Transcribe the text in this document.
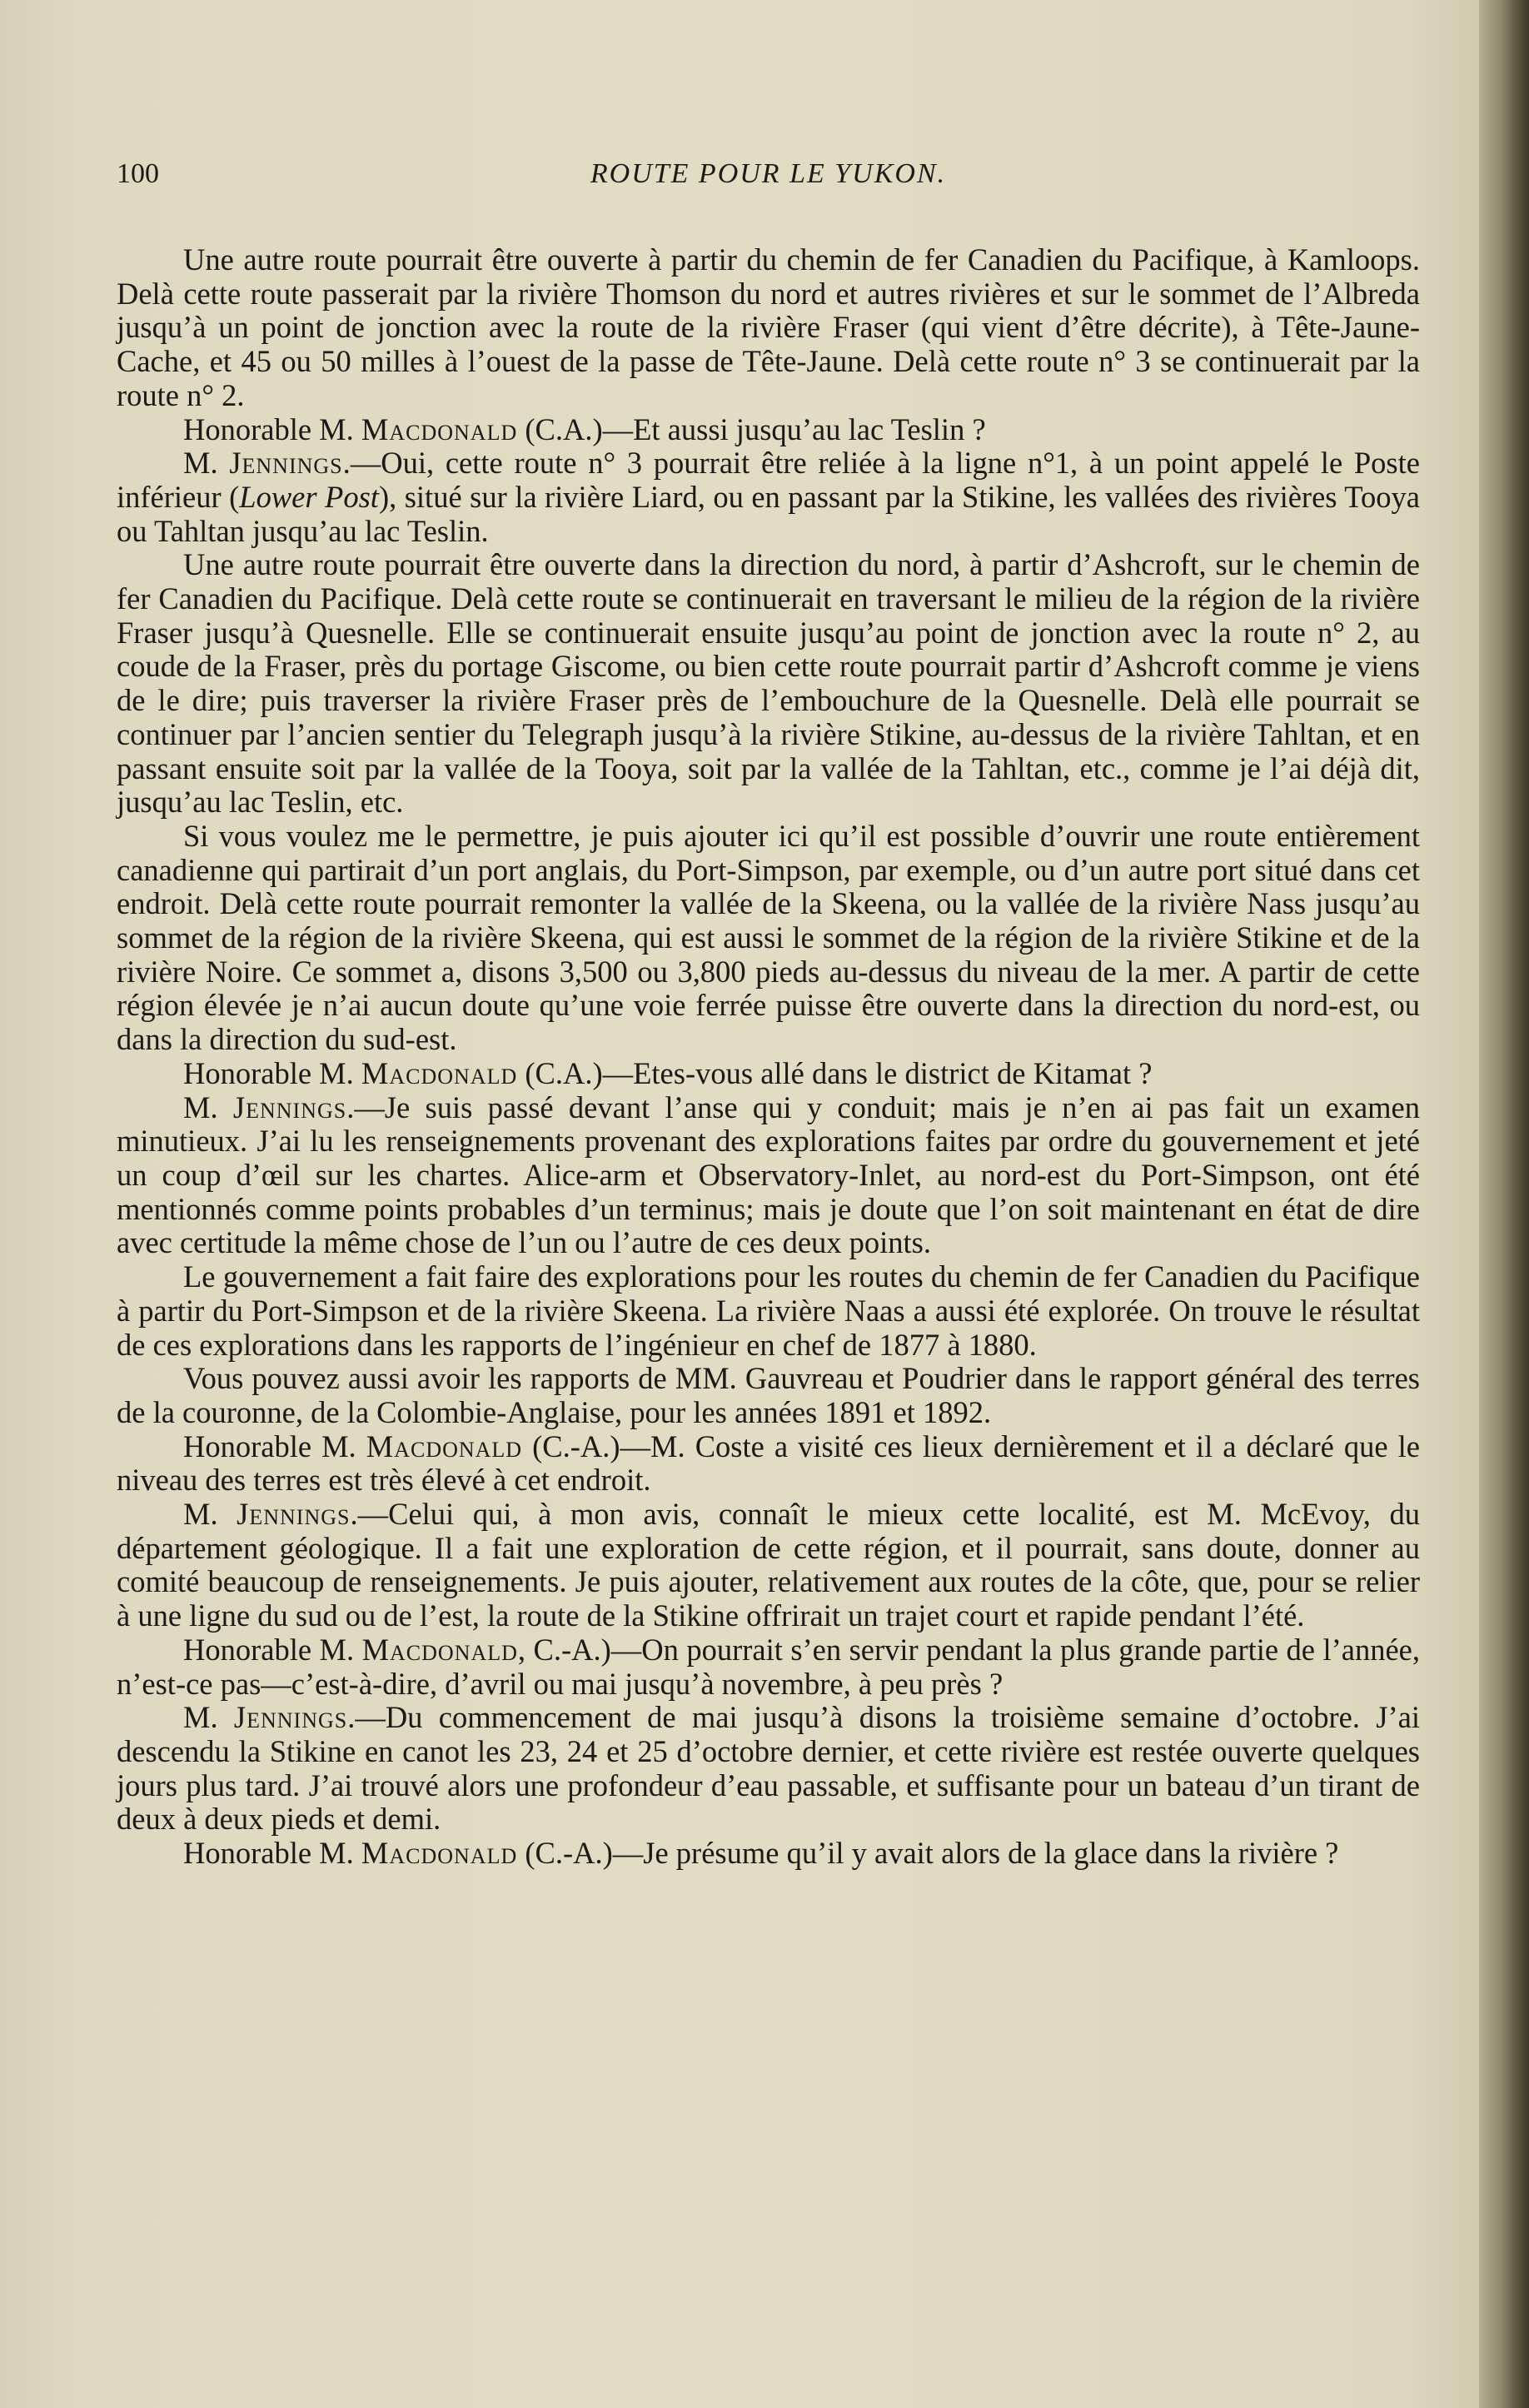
100	ROUTE POUR LE YUKON.

Une autre route pourrait être ouverte à partir du chemin de fer Canadien du Pacifique, à Kamloops. Delà cette route passerait par la rivière Thomson du nord et autres rivières et sur le sommet de l’Albreda jusqu’à un point de jonction avec la route de la rivière Fraser (qui vient d’être décrite), à Tête-Jaune-Cache, et 45 ou 50 milles à l’ouest de la passe de Tête-Jaune. Delà cette route n° 3 se continuerait par la route n° 2.

Honorable M. Macdonald (C.A.)—Et aussi jusqu’au lac Teslin ?

M. Jennings.—Oui, cette route n° 3 pourrait être reliée à la ligne n°1, à un point appelé le Poste inférieur (Lower Post), situé sur la rivière Liard, ou en passant par la Stikine, les vallées des rivières Tooya ou Tahltan jusqu’au lac Teslin.

Une autre route pourrait être ouverte dans la direction du nord, à partir d’Ashcroft, sur le chemin de fer Canadien du Pacifique. Delà cette route se continuerait en traversant le milieu de la région de la rivière Fraser jusqu’à Quesnelle. Elle se continuerait ensuite jusqu’au point de jonction avec la route n° 2, au coude de la Fraser, près du portage Giscome, ou bien cette route pourrait partir d’Ashcroft comme je viens de le dire; puis traverser la rivière Fraser près de l’embouchure de la Quesnelle. Delà elle pourrait se continuer par l’ancien sentier du Telegraph jusqu’à la rivière Stikine, au-dessus de la rivière Tahltan, et en passant ensuite soit par la vallée de la Tooya, soit par la vallée de la Tahltan, etc., comme je l’ai déjà dit, jusqu’au lac Teslin, etc.

Si vous voulez me le permettre, je puis ajouter ici qu’il est possible d’ouvrir une route entièrement canadienne qui partirait d’un port anglais, du Port-Simpson, par exemple, ou d’un autre port situé dans cet endroit. Delà cette route pourrait remonter la vallée de la Skeena, ou la vallée de la rivière Nass jusqu’au sommet de la région de la rivière Skeena, qui est aussi le sommet de la région de la rivière Stikine et de la rivière Noire. Ce sommet a, disons 3,500 ou 3,800 pieds au-dessus du niveau de la mer. A partir de cette région élevée je n’ai aucun doute qu’une voie ferrée puisse être ouverte dans la direction du nord-est, ou dans la direction du sud-est.

Honorable M. Macdonald (C.A.)—Etes-vous allé dans le district de Kitamat ?

M. Jennings.—Je suis passé devant l’anse qui y conduit; mais je n’en ai pas fait un examen minutieux. J’ai lu les renseignements provenant des explorations faites par ordre du gouvernement et jeté un coup d’œil sur les chartes. Alice-arm et Observatory-Inlet, au nord-est du Port-Simpson, ont été mentionnés comme points probables d’un terminus; mais je doute que l’on soit maintenant en état de dire avec certitude la même chose de l’un ou l’autre de ces deux points.

Le gouvernement a fait faire des explorations pour les routes du chemin de fer Canadien du Pacifique à partir du Port-Simpson et de la rivière Skeena. La rivière Naas a aussi été explorée. On trouve le résultat de ces explorations dans les rapports de l’ingénieur en chef de 1877 à 1880.

Vous pouvez aussi avoir les rapports de MM. Gauvreau et Poudrier dans le rapport général des terres de la couronne, de la Colombie-Anglaise, pour les années 1891 et 1892.

Honorable M. Macdonald (C.-A.)—M. Coste a visité ces lieux dernièrement et il a déclaré que le niveau des terres est très élevé à cet endroit.

M. Jennings.—Celui qui, à mon avis, connaît le mieux cette localité, est M. McEvoy, du département géologique. Il a fait une exploration de cette région, et il pourrait, sans doute, donner au comité beaucoup de renseignements. Je puis ajouter, relativement aux routes de la côte, que, pour se relier à une ligne du sud ou de l’est, la route de la Stikine offrirait un trajet court et rapide pendant l’été.

Honorable M. Macdonald, C.-A.)—On pourrait s’en servir pendant la plus grande partie de l’année, n’est-ce pas—c’est-à-dire, d’avril ou mai jusqu’à novembre, à peu près ?

M. Jennings.—Du commencement de mai jusqu’à disons la troisième semaine d’octobre. J’ai descendu la Stikine en canot les 23, 24 et 25 d’octobre dernier, et cette rivière est restée ouverte quelques jours plus tard. J’ai trouvé alors une profondeur d’eau passable, et suffisante pour un bateau d’un tirant de deux à deux pieds et demi.

Honorable M. Macdonald (C.-A.)—Je présume qu’il y avait alors de la glace dans la rivière ?
